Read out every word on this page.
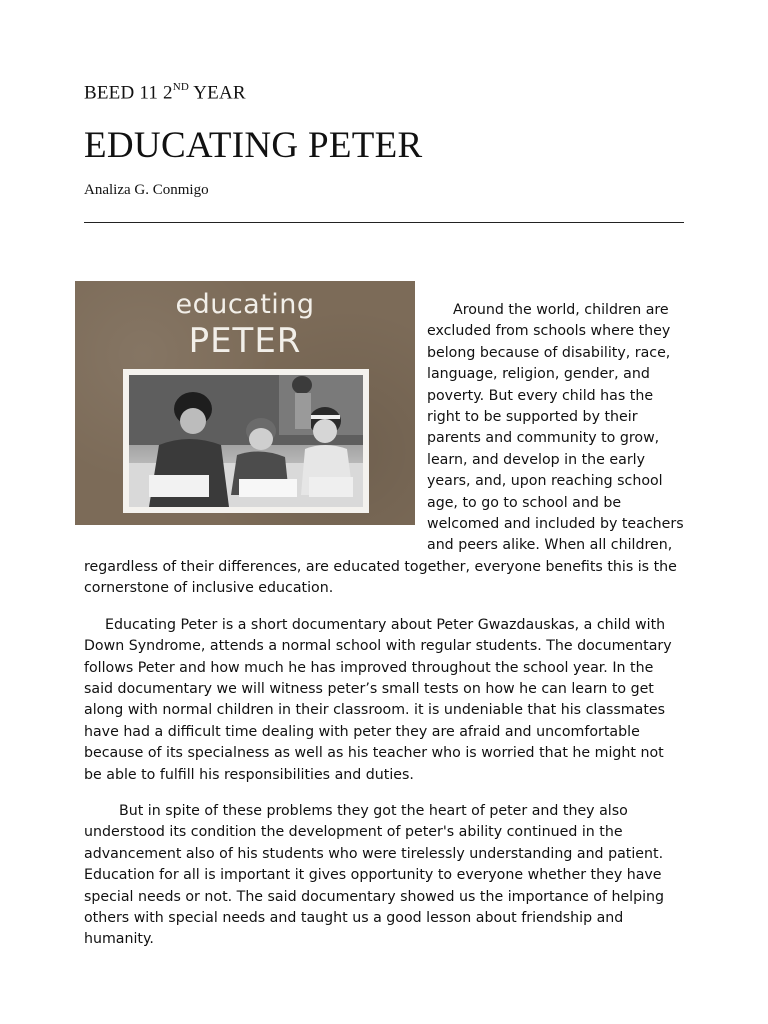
BEED 11 2ND YEAR
EDUCATING PETER
Analiza G. Conmigo
educating
PETER

Around the world, children are excluded from schools where they belong because of disability, race, language, religion, gender, and poverty. But every child has the right to be supported by their parents and community to grow, learn, and develop in the early years, and, upon reaching school age, to go to school and be welcomed and included by teachers and peers alike. When all children, regardless of their differences, are educated together, everyone benefits this is the cornerstone of inclusive education.

Educating Peter is a short documentary about Peter Gwazdauskas, a child with Down Syndrome, attends a normal school with regular students. The documentary follows Peter and how much he has improved throughout the school year. In the said documentary we will witness peter’s small tests on how he can learn to get along with normal children in their classroom. it is undeniable that his classmates have had a difficult time dealing with peter they are afraid and uncomfortable because of its specialness as well as his teacher who is worried that he might not be able to fulfill his responsibilities and duties.

But in spite of these problems they got the heart of peter and they also understood its condition the development of peter's ability continued in the advancement also of his students who were tirelessly understanding and patient. Education for all is important it gives opportunity to everyone whether they have special needs or not. The said documentary showed us the importance of helping others with special needs and taught us a good lesson about friendship and humanity.
